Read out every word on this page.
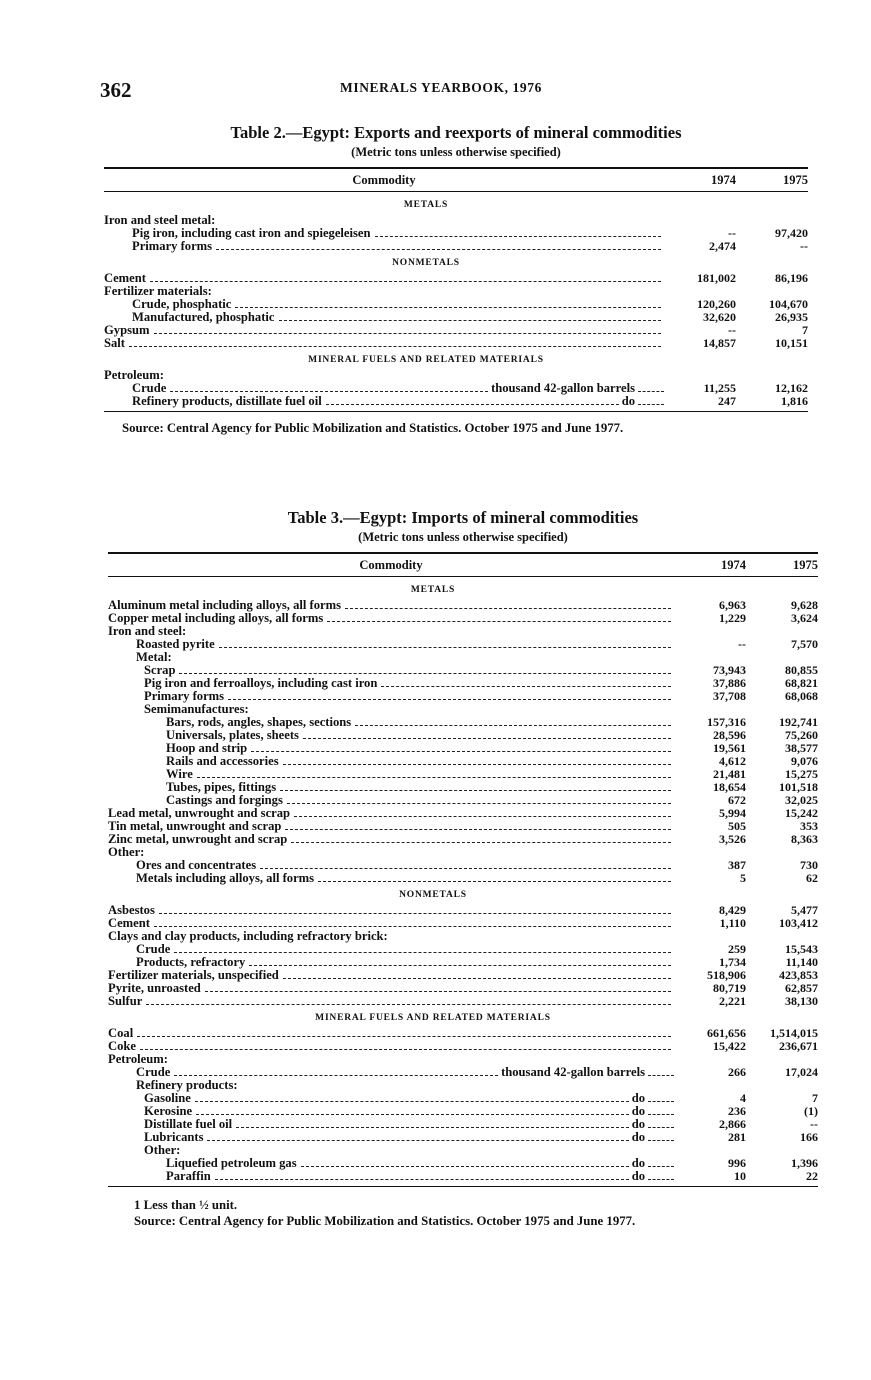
362	MINERALS YEARBOOK, 1976
Table 2.—Egypt: Exports and reexports of mineral commodities
(Metric tons unless otherwise specified)
Commodity	1974	1975
METALS
Iron and steel metal:
Pig iron, including cast iron and spiegeleisen	--	97,420
Primary forms	2,474	--
NONMETALS
Cement	181,002	86,196
Fertilizer materials:
Crude, phosphatic	120,260	104,670
Manufactured, phosphatic	32,620	26,935
Gypsum	--	7
Salt	14,857	10,151
MINERAL FUELS AND RELATED MATERIALS
Petroleum:
Crude	thousand 42-gallon barrels	11,255	12,162
Refinery products, distillate fuel oil	do	247	1,816
Source: Central Agency for Public Mobilization and Statistics. October 1975 and June 1977.
Table 3.—Egypt: Imports of mineral commodities
(Metric tons unless otherwise specified)
Commodity	1974	1975
METALS
Aluminum metal including alloys, all forms	6,963	9,628
Copper metal including alloys, all forms	1,229	3,624
Iron and steel:
Roasted pyrite	--	7,570
Metal:
Scrap	73,943	80,855
Pig iron and ferroalloys, including cast iron	37,886	68,821
Primary forms	37,708	68,068
Semimanufactures:
Bars, rods, angles, shapes, sections	157,316	192,741
Universals, plates, sheets	28,596	75,260
Hoop and strip	19,561	38,577
Rails and accessories	4,612	9,076
Wire	21,481	15,275
Tubes, pipes, fittings	18,654	101,518
Castings and forgings	672	32,025
Lead metal, unwrought and scrap	5,994	15,242
Tin metal, unwrought and scrap	505	353
Zinc metal, unwrought and scrap	3,526	8,363
Other:
Ores and concentrates	387	730
Metals including alloys, all forms	5	62
NONMETALS
Asbestos	8,429	5,477
Cement	1,110	103,412
Clays and clay products, including refractory brick:
Crude	259	15,543
Products, refractory	1,734	11,140
Fertilizer materials, unspecified	518,906	423,853
Pyrite, unroasted	80,719	62,857
Sulfur	2,221	38,130
MINERAL FUELS AND RELATED MATERIALS
Coal	661,656	1,514,015
Coke	15,422	236,671
Petroleum:
Crude	thousand 42-gallon barrels	266	17,024
Refinery products:
Gasoline	do	4	7
Kerosine	do	236	(1)
Distillate fuel oil	do	2,866	--
Lubricants	do	281	166
Other:
Liquefied petroleum gas	do	996	1,396
Paraffin	do	10	22
1 Less than ½ unit.
Source: Central Agency for Public Mobilization and Statistics. October 1975 and June 1977.
